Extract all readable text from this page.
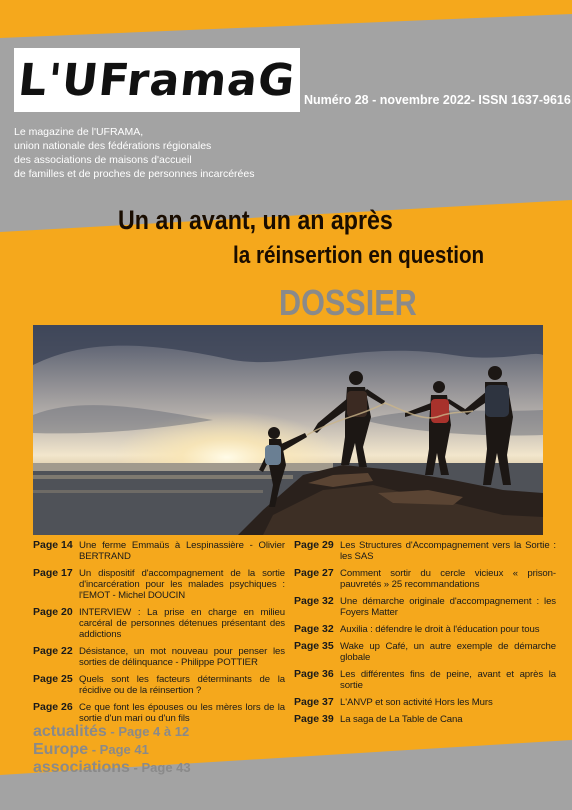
L'UFramaG Numéro 28 - novembre 2022- ISSN 1637-9616
Le magazine de l'UFRAMA,
union nationale des fédérations régionales
des associations de maisons d'accueil
de familles et de proches de personnes incarcérées
Un an avant, un an après
la réinsertion en question
DOSSIER
Page 14 Une ferme Emmaüs à Lespinassière - Olivier BERTRAND
Page 17 Un dispositif d'accompagnement de la sortie d'incarcération pour les malades psychiques : l'EMOT - Michel DOUCIN
Page 20 INTERVIEW : La prise en charge en milieu carcéral de personnes détenues présentant des addictions
Page 22 Désistance, un mot nouveau pour penser les sorties de délinquance - Philippe POTTIER
Page 25 Quels sont les facteurs déterminants de la récidive ou de la réinsertion ?
Page 26 Ce que font les épouses ou les mères lors de la sortie d'un mari ou d'un fils
Page 29 Les Structures d'Accompagnement vers la Sortie : les SAS
Page 27 Comment sortir du cercle vicieux « prison-pauvretés » 25 recommandations
Page 32 Une démarche originale d'accompagnement : les Foyers Matter
Page 32 Auxilia : défendre le droit à l'éducation pour tous
Page 35 Wake up Café, un autre exemple de démarche globale
Page 36 Les différentes fins de peine, avant et après la sortie
Page 37 L'ANVP et son activité Hors les Murs
Page 39 La saga de La Table de Cana
actualités - Page 4 à 12
Europe - Page 41
associations - Page 43
